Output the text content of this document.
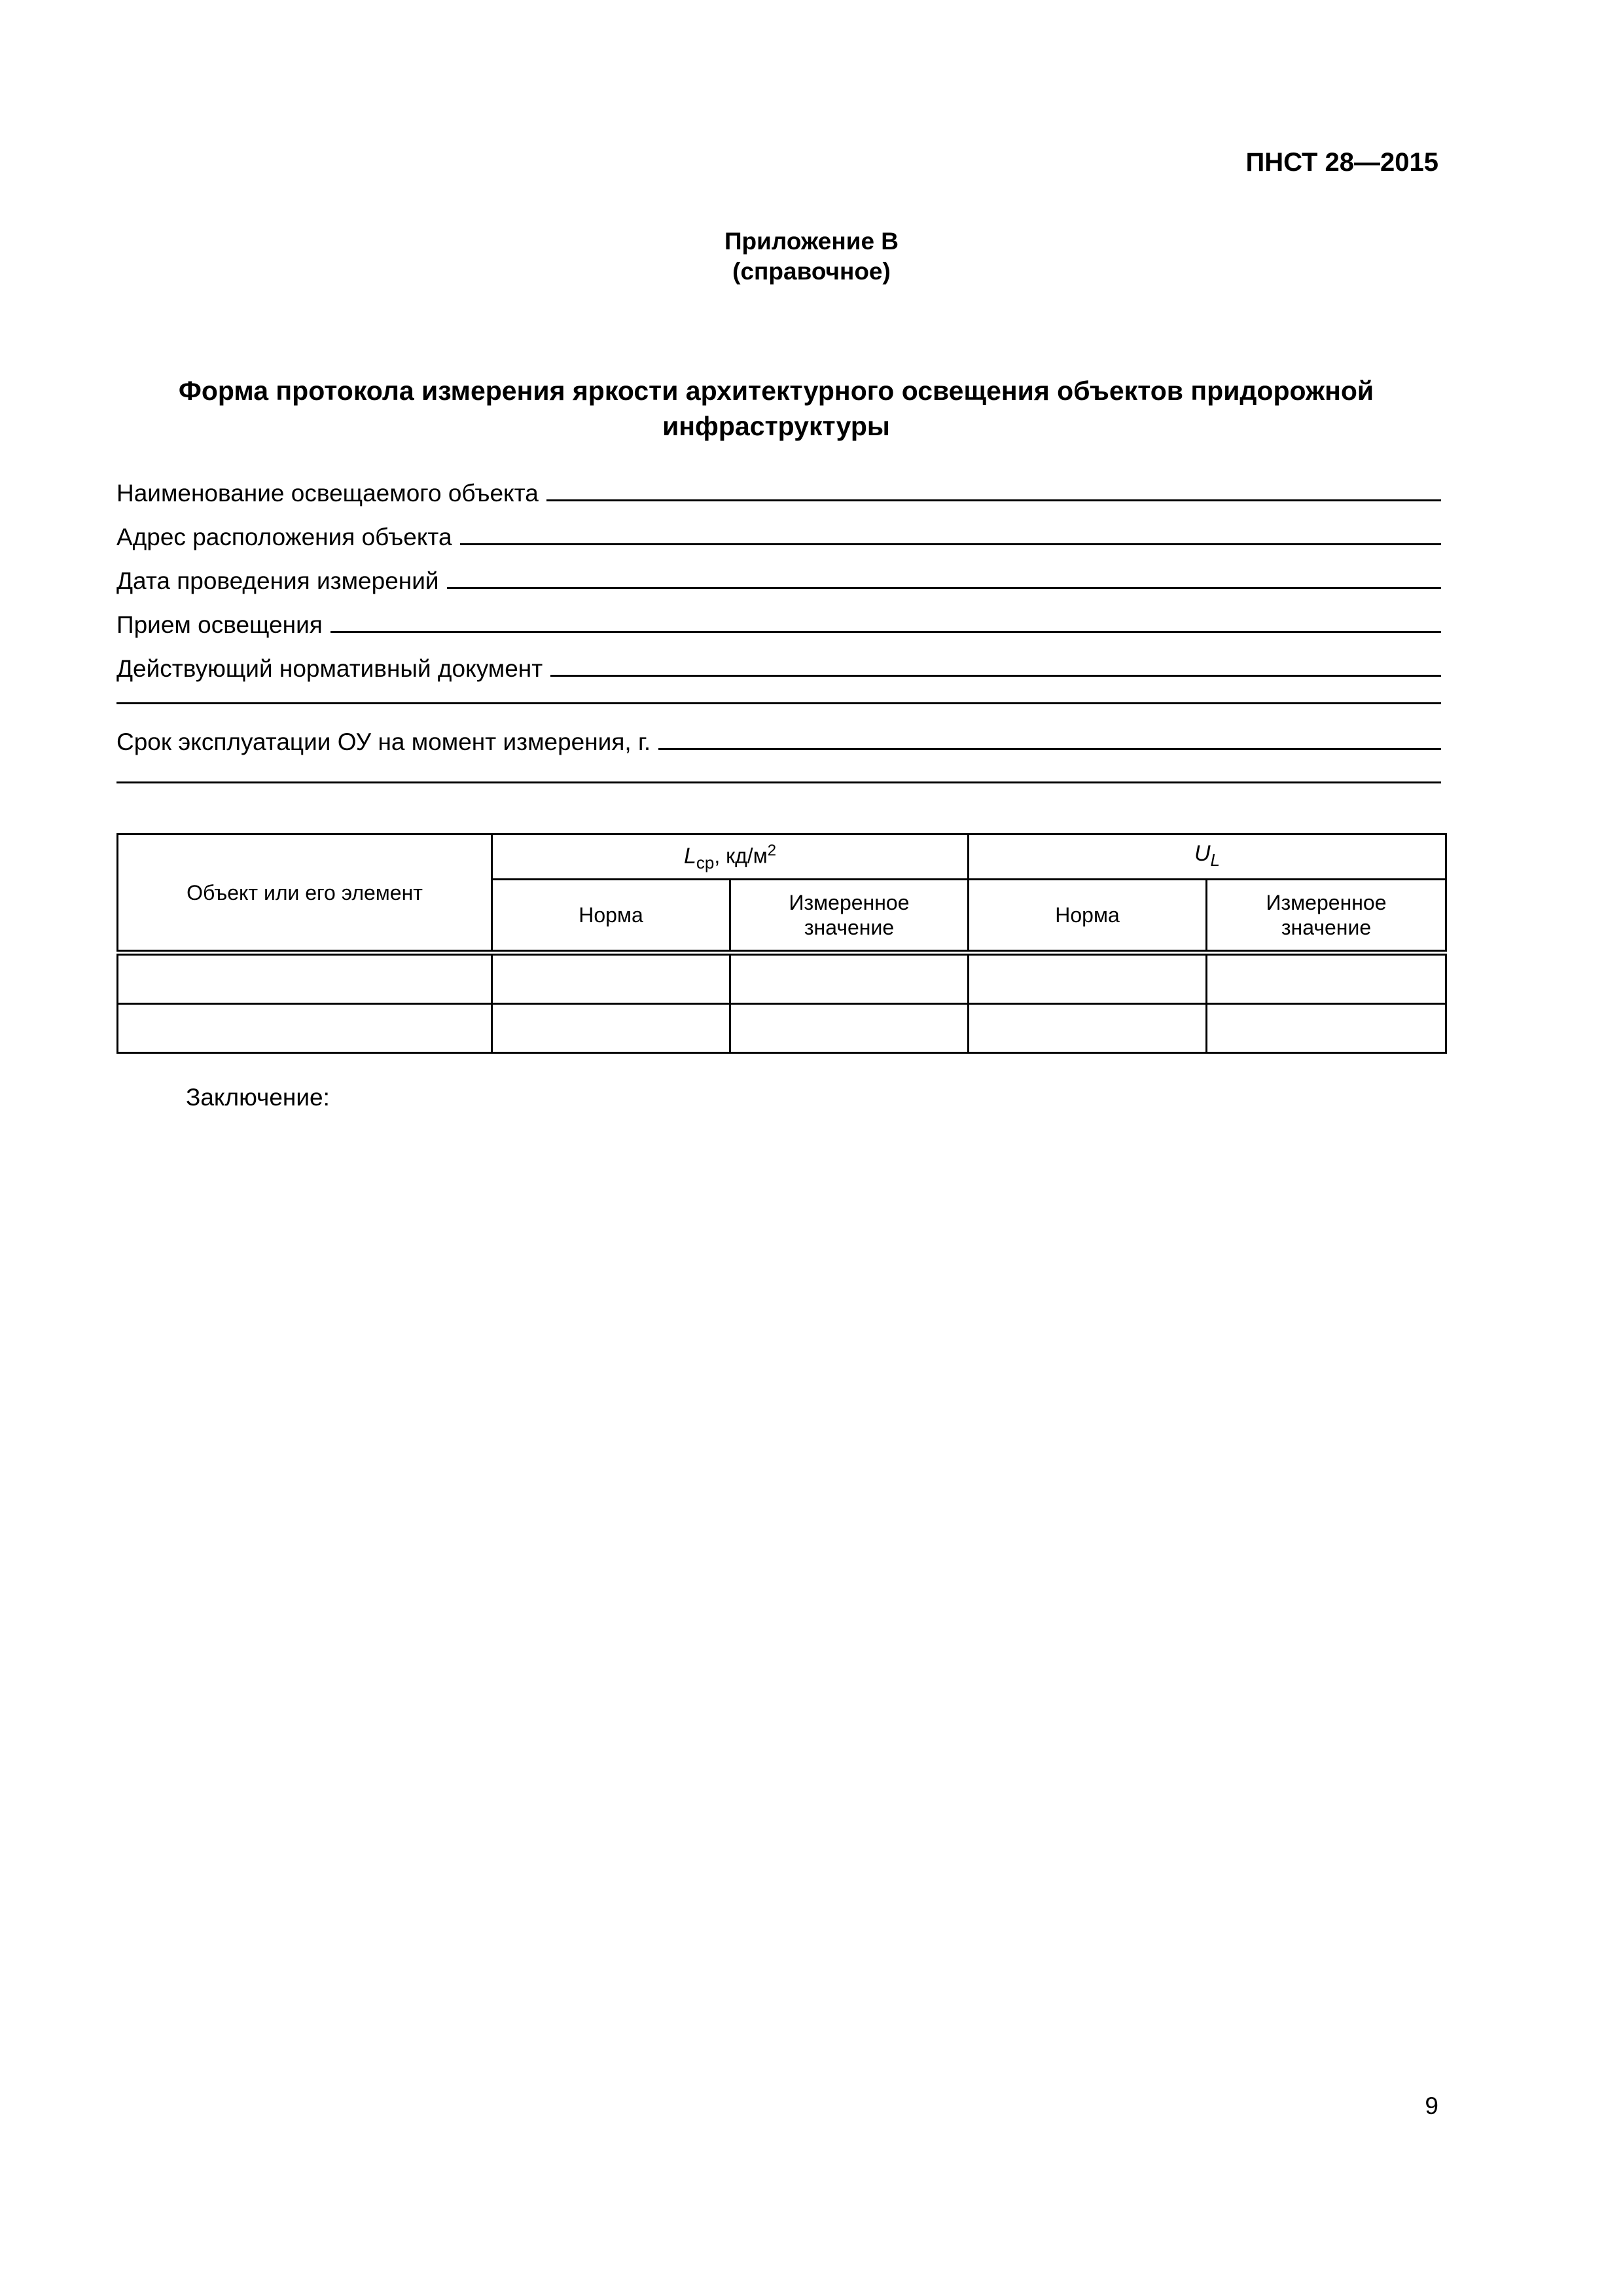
ПНСТ 28—2015
Приложение В
(справочное)
Форма протокола измерения яркости архитектурного освещения объектов придорожной
инфраструктуры
Наименование освещаемого объекта
Адрес расположения объекта
Дата проведения измерений
Прием освещения
Действующий нормативный документ
Срок эксплуатации ОУ на момент измерения, г.
Объект или его элемент	$L_{ср}$, $кд/м^2$		$U_L$
	Норма	Измеренное значение	Норма	Измеренное значение

Заключение:
9
